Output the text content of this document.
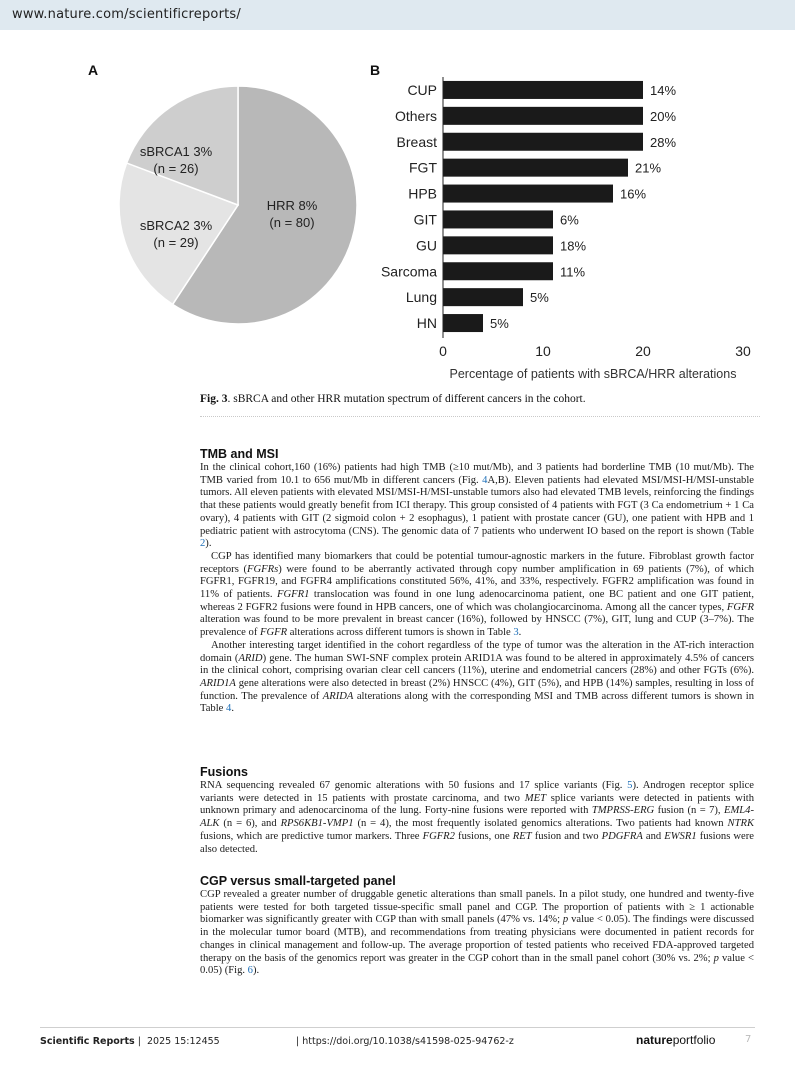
www.nature.com/scientificreports/
A	B
HRR 8%
(n = 80)
sBRCA2 3%
(n = 29)
sBRCA1 3%
(n = 26)
CUP	14%
Others	20%
Breast	28%
FGT	21%
HPB	16%
GIT	6%
GU	18%
Sarcoma	11%
Lung	5%
HN	5%
0	10	20	30
Percentage of patients with sBRCA/HRR alterations
Fig. 3. sBRCA and other HRR mutation spectrum of different cancers in the cohort.
TMB and MSI

In the clinical cohort,160 (16%) patients had high TMB (≥10 mut/Mb), and 3 patients had borderline TMB (10 mut/Mb). The TMB varied from 10.1 to 656 mut/Mb in different cancers (Fig. 4A,B). Eleven patients had elevated MSI/MSI-H/MSI-unstable tumors. All eleven patients with elevated MSI/MSI-H/MSI-unstable tumors also had elevated TMB levels, reinforcing the findings that these patients would greatly benefit from ICI therapy. This group consisted of 4 patients with FGT (3 Ca endometrium + 1 Ca ovary), 4 patients with GIT (2 sigmoid colon + 2 esophagus), 1 patient with prostate cancer (GU), one patient with HPB and 1 pediatric patient with astrocytoma (CNS). The genomic data of 7 patients who underwent IO based on the report is shown (Table 2).

CGP has identified many biomarkers that could be potential tumour-agnostic markers in the future. Fibroblast growth factor receptors (FGFRs) were found to be aberrantly activated through copy number amplification in 69 patients (7%), of which FGFR1, FGFR19, and FGFR4 amplifications constituted 56%, 41%, and 33%, respectively. FGFR2 amplification was found in 11% of patients. FGFR1 translocation was found in one lung adenocarcinoma patient, one BC patient and one GIT patient, whereas 2 FGFR2 fusions were found in HPB cancers, one of which was cholangiocarcinoma. Among all the cancer types, FGFR alteration was found to be more prevalent in breast cancer (16%), followed by HNSCC (7%), GIT, lung and CUP (3–7%). The prevalence of FGFR alterations across different tumors is shown in Table 3.

Another interesting target identified in the cohort regardless of the type of tumor was the alteration in the AT-rich interaction domain (ARID) gene. The human SWI-SNF complex protein ARID1A was found to be altered in approximately 4.5% of cancers in the clinical cohort, comprising ovarian clear cell cancers (11%), uterine and endometrial cancers (28%) and other FGTs (6%). ARID1A gene alterations were also detected in breast (2%) HNSCC (4%), GIT (5%), and HPB (14%) samples, resulting in loss of function. The prevalence of ARIDA alterations along with the corresponding MSI and TMB across different tumors is shown in Table 4.

Fusions

RNA sequencing revealed 67 genomic alterations with 50 fusions and 17 splice variants (Fig. 5). Androgen receptor splice variants were detected in 15 patients with prostate carcinoma, and two MET splice variants were detected in patients with unknown primary and adenocarcinoma of the lung. Forty-nine fusions were reported with TMPRSS-ERG fusion (n = 7), EML4-ALK (n = 6), and RPS6KB1-VMP1 (n = 4), the most frequently isolated genomics alterations. Two patients had known NTRK fusions, which are predictive tumor markers. Three FGFR2 fusions, one RET fusion and two PDGFRA and EWSR1 fusions were also detected.

CGP versus small-targeted panel

CGP revealed a greater number of druggable genetic alterations than small panels. In a pilot study, one hundred and twenty-five patients were tested for both targeted tissue-specific small panel and CGP. The proportion of patients with ≥ 1 actionable biomarker was significantly greater with CGP than with small panels (47% vs. 14%; p value < 0.05). The findings were discussed in the molecular tumor board (MTB), and recommendations from treating physicians were documented in patient records for changes in clinical management and follow-up. The average proportion of tested patients who received FDA-approved targeted therapy on the basis of the genomics report was greater in the CGP cohort than in the small panel cohort (30% vs. 2%; p value < 0.05) (Fig. 6).

Scientific Reports | 2025 15:12455	| https://doi.org/10.1038/s41598-025-94762-z	natureportfolio	7
